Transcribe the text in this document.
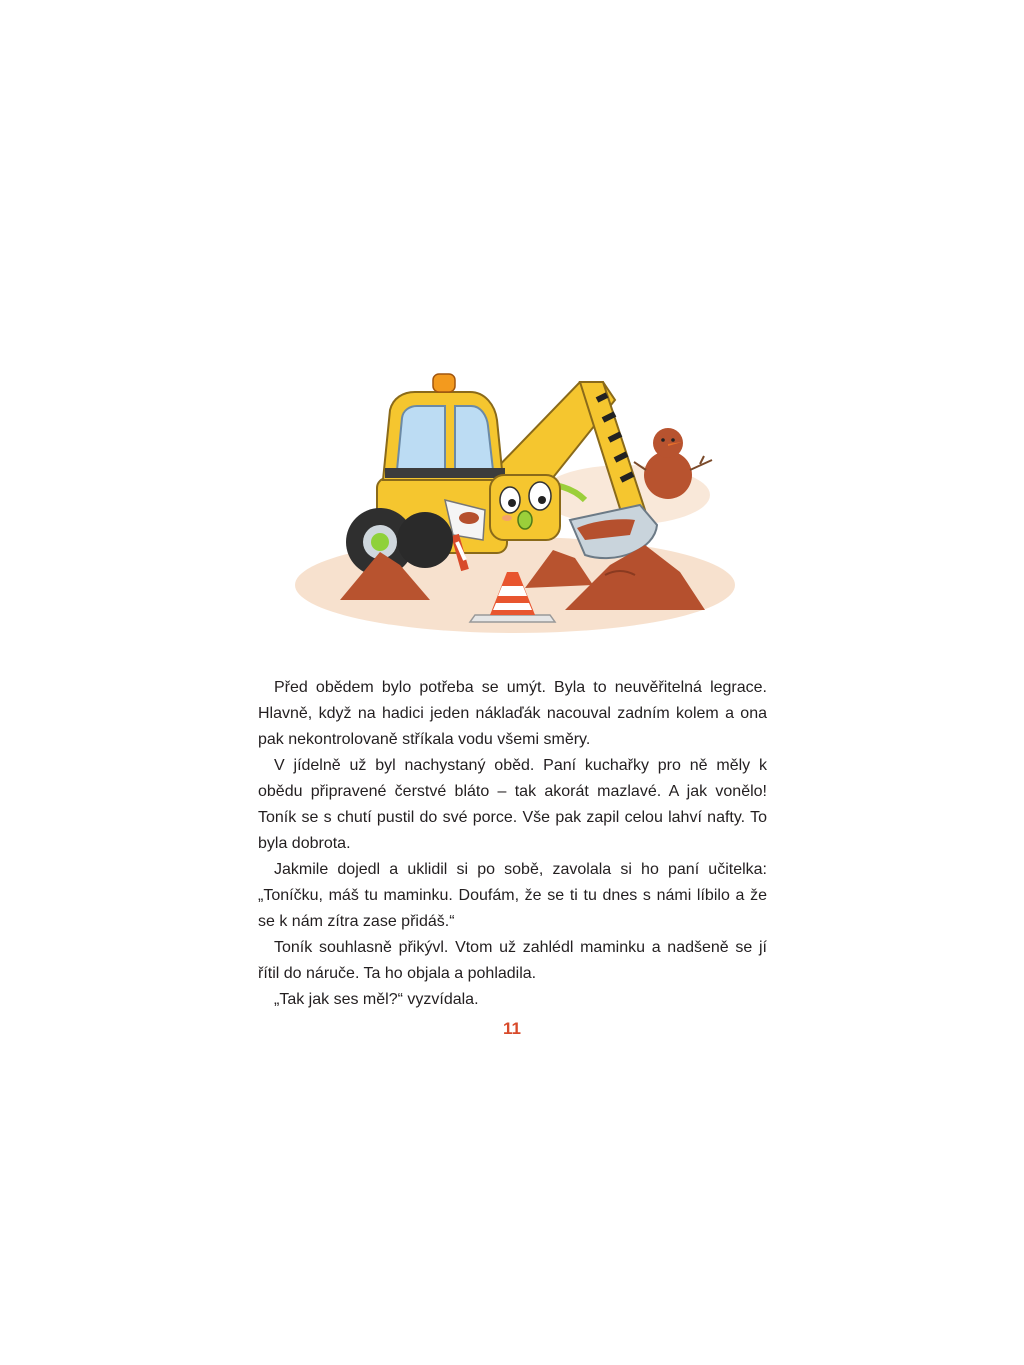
Před obědem bylo potřeba se umýt. Byla to neuvěřitelná legrace. Hlavně, když na hadici jeden náklaďák nacouval zadním kolem a ona pak nekontrolovaně stříkala vodu všemi směry.

V jídelně už byl nachystaný oběd. Paní kuchařky pro ně měly k obědu připravené čerstvé bláto – tak akorát mazlavé. A jak vonělo! Toník se s chutí pustil do své porce. Vše pak zapil celou lahví nafty. To byla dobrota.

Jakmile dojedl a uklidil si po sobě, zavolala si ho paní učitelka: „Toníčku, máš tu maminku. Doufám, že se ti tu dnes s námi líbilo a že se k nám zítra zase přidáš.“

Toník souhlasně přikývl. Vtom už zahlédl maminku a nadšeně se jí řítil do náruče. Ta ho objala a pohladila.

„Tak jak ses měl?“ vyzvídala.

11
